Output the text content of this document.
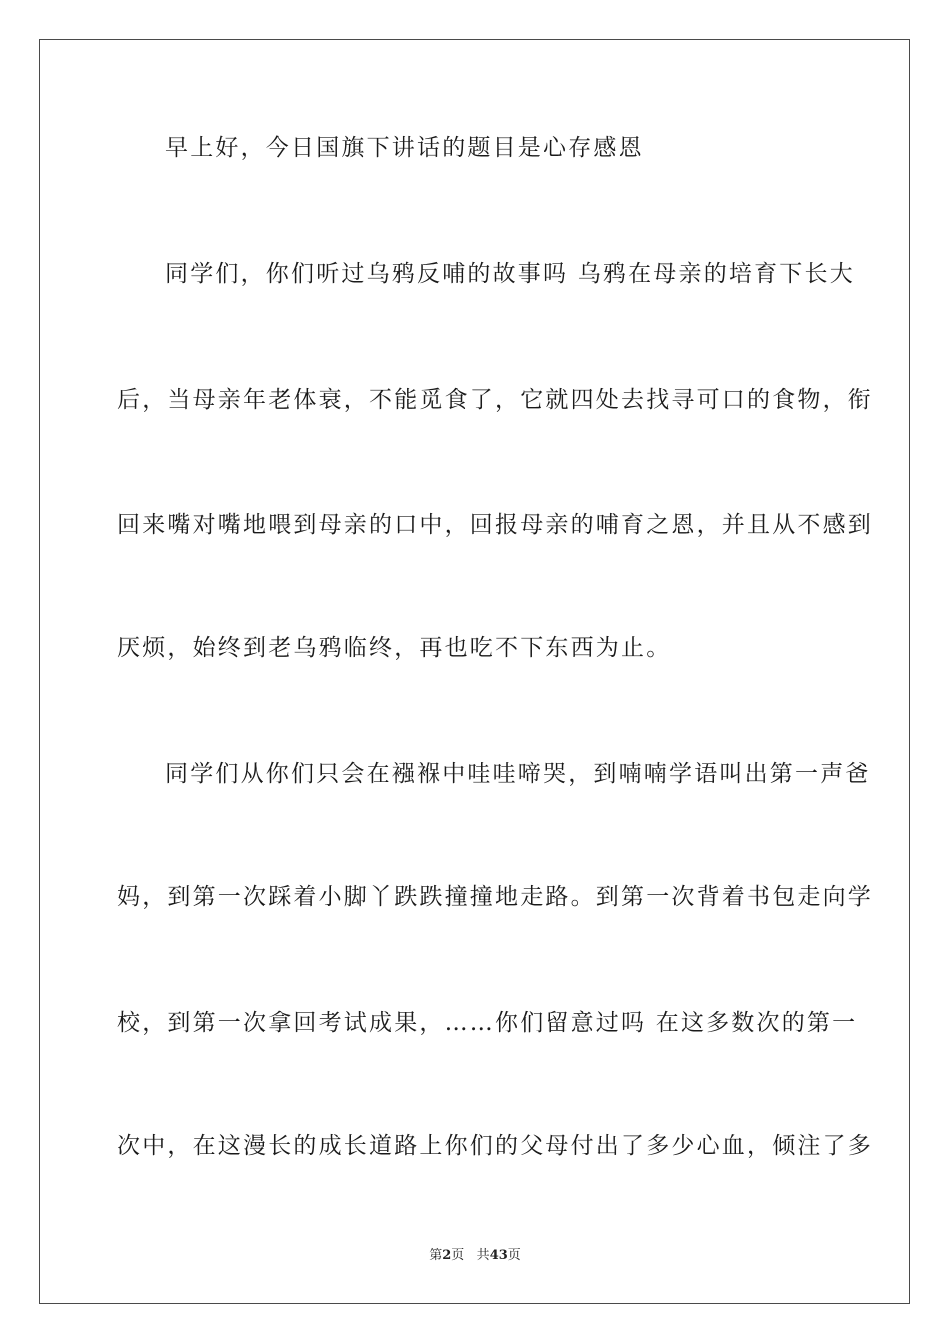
早上好，今日国旗下讲话的题目是心存感恩
同学们，你们听过乌鸦反哺的故事吗 乌鸦在母亲的培育下长大
后，当母亲年老体衰，不能觅食了，它就四处去找寻可口的食物，衔
回来嘴对嘴地喂到母亲的口中，回报母亲的哺育之恩，并且从不感到
厌烦，始终到老乌鸦临终，再也吃不下东西为止。
同学们从你们只会在襁褓中哇哇啼哭，到喃喃学语叫出第一声爸
妈，到第一次踩着小脚丫跌跌撞撞地走路。到第一次背着书包走向学
校，到第一次拿回考试成果，……你们留意过吗 在这多数次的第一
次中，在这漫长的成长道路上你们的父母付出了多少心血，倾注了多
第2页 共43页
